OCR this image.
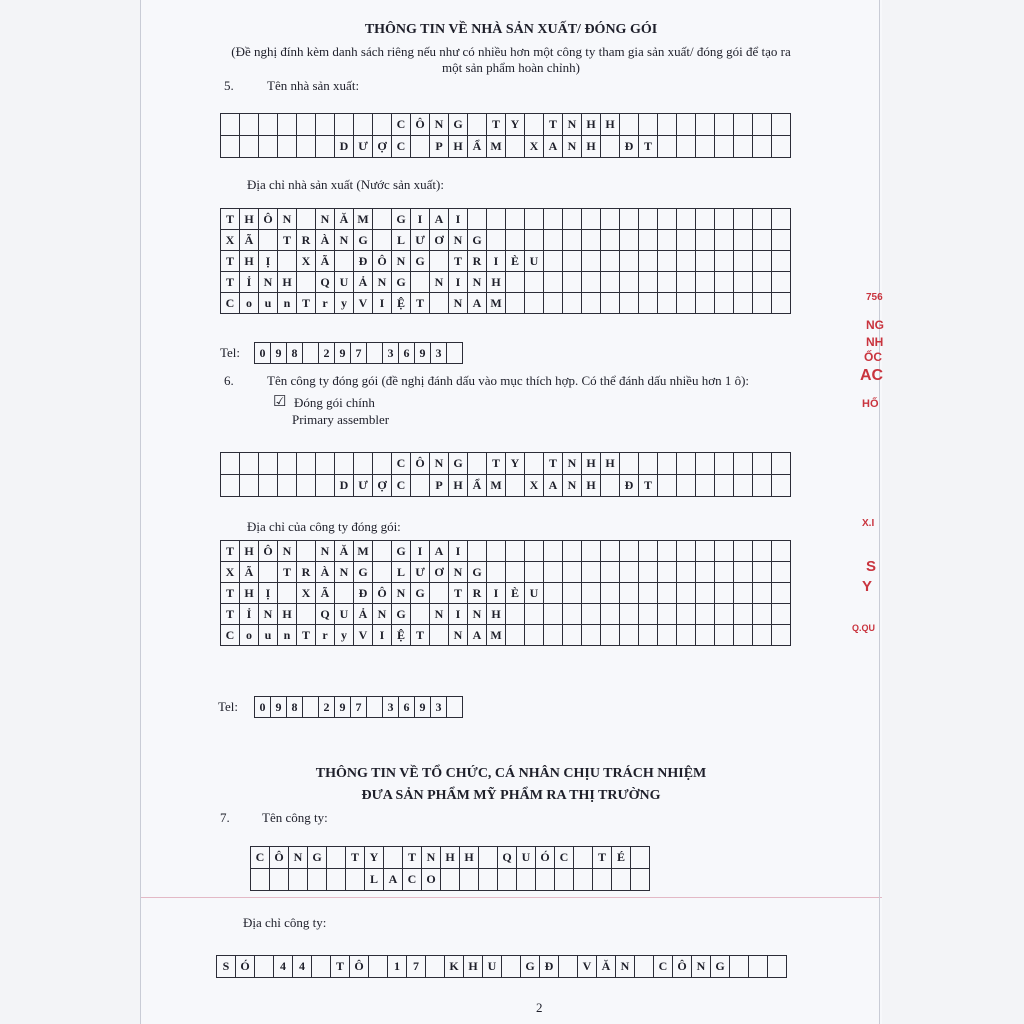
THÔNG TIN VỀ NHÀ SẢN XUẤT/ ĐÓNG GÓI
(Đề nghị đính kèm danh sách riêng nếu như có nhiều hơn một công ty tham gia sản xuất/ đóng gói để tạo ra
một sản phẩm hoàn chỉnh)
5.	Tên nhà sản xuất:
									C	Ô	N	G		T	Y		T	N	H	H									
						D	Ư	Ợ	C		P	H	Ẩ	M		X	A	N	H		Đ	T							
Địa chỉ nhà sản xuất (Nước sản xuất):
T	H	Ô	N		N	Ă	M		G	I	A	I																	
X	Ã		T	R	À	N	G		L	Ư	Ơ	N	G																
T	H	Ị		X	Ã		Đ	Ô	N	G		T	R	I	È	U													
T	Ỉ	N	H		Q	U	Ả	N	G		N	I	N	H															
C	o	u	n	T	r	y	V	I	Ệ	T		N	A	M															
Tel: 0	9	8		2	9	7		3	6	9	3	
6.	Tên công ty đóng gói (đề nghị đánh dấu vào mục thích hợp. Có thể đánh dấu nhiều hơn 1 ô):
☑ Đóng gói chính
Primary assembler
									C	Ô	N	G		T	Y		T	N	H	H									
						D	Ư	Ợ	C		P	H	Ẩ	M		X	A	N	H		Đ	T							
Địa chỉ của công ty đóng gói:
T	H	Ô	N		N	Ă	M		G	I	A	I																	
X	Ã		T	R	À	N	G		L	Ư	Ơ	N	G																
T	H	Ị		X	Ã		Đ	Ô	N	G		T	R	I	È	U													
T	Ỉ	N	H		Q	U	Ả	N	G		N	I	N	H															
C	o	u	n	T	r	y	V	I	Ệ	T		N	A	M															
Tel: 0	9	8		2	9	7		3	6	9	3	
THÔNG TIN VỀ TỔ CHỨC, CÁ NHÂN CHỊU TRÁCH NHIỆM
ĐƯA SẢN PHẨM MỸ PHẨM RA THỊ TRƯỜNG
7. Tên công ty:
C	Ô	N	G		T	Y		T	N	H	H		Q	U	Ó	C		T	É	
						L	A	C	O											
Địa chỉ công ty:
S	Ó		4	4		T	Ô		1	7		K	H	U		G	Đ		V	Ă	N		C	Ô	N	G			
2
756
NG
NH
ỐC
AC
HỐ
X.I
S
Y
Q.QU
